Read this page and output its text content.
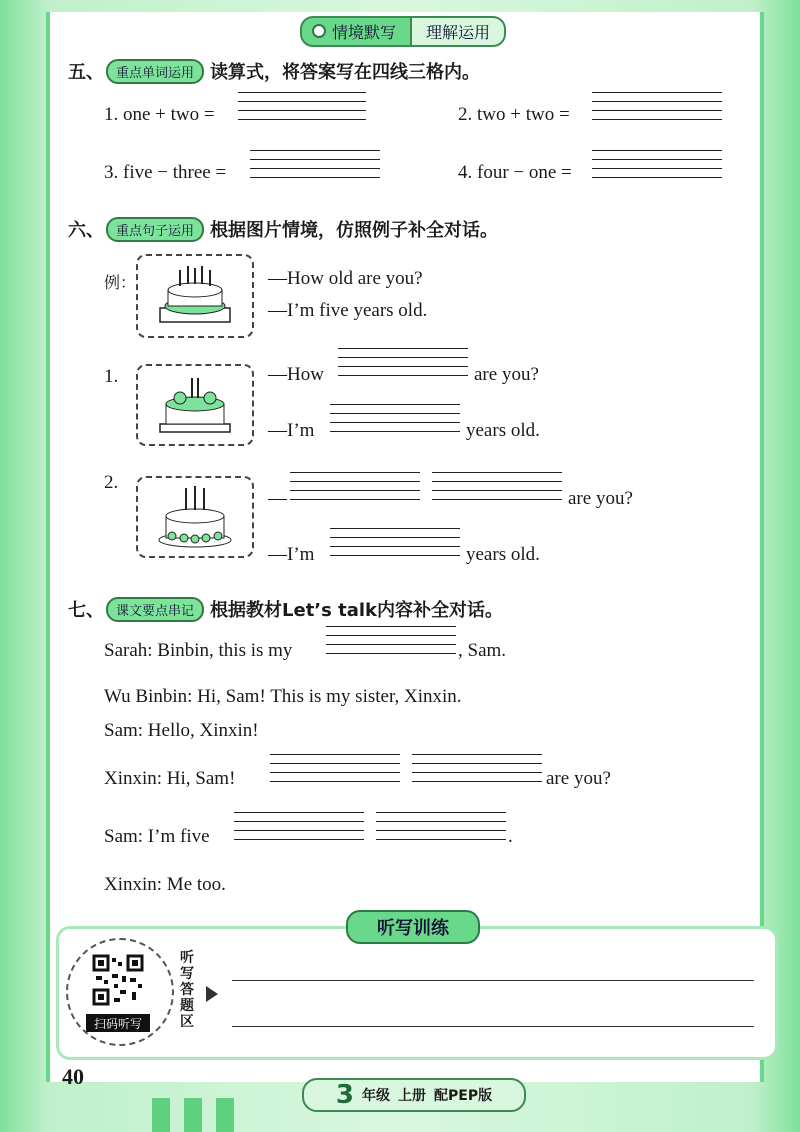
情境默写	理解运用
五、 重点单词运用 读算式，将答案写在四线三格内。
1. one + two =	2. two + two =
3. five − three =	4. four − one =
六、 重点句子运用 根据图片情境，仿照例子补全对话。
例：	—How old are you?
—I’m five years old.
1.	—How	are you?
—I’m	years old.
2.
—	are you?
—I’m	years old.
七、 课文要点串记 根据教材Let’s talk内容补全对话。
Sarah: Binbin, this is my	, Sam.
Wu Binbin: Hi, Sam! This is my sister, Xinxin.
Sam: Hello, Xinxin!
Xinxin: Hi, Sam!	are you?
Sam: I’m five	.
Xinxin: Me too.
听写训练
扫码听写
听
写
答
题
区
40
3 年级 上册 配PEP版
